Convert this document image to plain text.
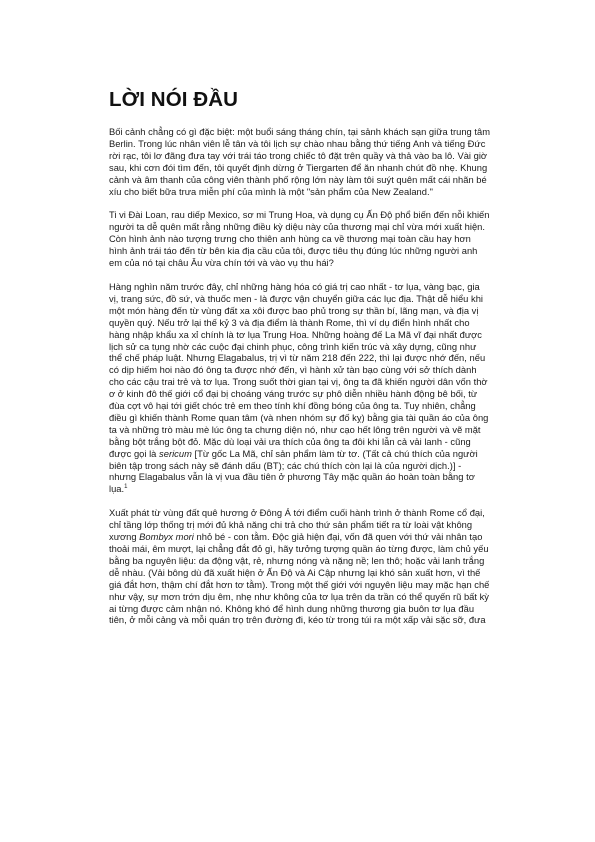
LỜI NÓI ĐẦU

Bối cảnh chẳng có gì đặc biệt: một buổi sáng tháng chín, tại sảnh khách sạn giữa trung tâm Berlin. Trong lúc nhân viên lễ tân và tôi lịch sự chào nhau bằng thứ tiếng Anh và tiếng Đức rời rạc, tôi lơ đãng đưa tay với trái táo trong chiếc tô đặt trên quầy và thả vào ba lô. Vài giờ sau, khi cơn đói tìm đến, tôi quyết định dừng ở Tiergarten để ăn nhanh chút đồ nhẹ. Khung cảnh và âm thanh của công viên thành phố rộng lớn này làm tôi suýt quên mất cái nhãn bé xíu cho biết bữa trưa miễn phí của mình là một "sản phẩm của New Zealand."

Ti vi Đài Loan, rau diếp Mexico, sơ mi Trung Hoa, và dụng cụ Ấn Độ phổ biến đến nỗi khiến người ta dễ quên mất rằng những điều kỳ diệu này của thương mại chỉ vừa mới xuất hiện. Còn hình ảnh nào tượng trưng cho thiên anh hùng ca về thương mại toàn cầu hay hơn hình ảnh trái táo đến từ bên kia địa cầu của tôi, được tiêu thụ đúng lúc những người anh em của nó tại châu Âu vừa chín tới và vào vụ thu hái?

Hàng nghìn năm trước đây, chỉ những hàng hóa có giá trị cao nhất - tơ lụa, vàng bạc, gia vị, trang sức, đồ sứ, và thuốc men - là được vận chuyển giữa các lục địa. Thật dễ hiểu khi một món hàng đến từ vùng đất xa xôi được bao phủ trong sự thần bí, lãng mạn, và địa vị quyền quý. Nếu trở lại thế kỷ 3 và địa điểm là thành Rome, thì ví dụ điển hình nhất cho hàng nhập khẩu xa xỉ chính là tơ lụa Trung Hoa. Những hoàng đế La Mã vĩ đại nhất được lịch sử ca tụng nhờ các cuộc đại chinh phục, công trình kiến trúc và xây dựng, cũng như thể chế pháp luật. Nhưng Elagabalus, trị vì từ năm 218 đến 222, thì lại được nhớ đến, nếu có dịp hiếm hoi nào đó ông ta được nhớ đến, vì hành xử tàn bạo cùng với sở thích dành cho các cậu trai trẻ và tơ lụa. Trong suốt thời gian tại vị, ông ta đã khiến người dân vốn thờ ơ ở kinh đô thế giới cổ đại bị choáng váng trước sự phô diễn nhiều hành động bê bối, từ đùa cợt vô hại tới giết chóc trẻ em theo tính khí đồng bóng của ông ta. Tuy nhiên, chẳng điều gì khiến thành Rome quan tâm (và nhen nhóm sự đố kỵ) bằng gia tài quần áo của ông ta và những trò màu mè lúc ông ta chưng diện nó, như cạo hết lông trên người và vẽ mặt bằng bột trắng bột đỏ. Mặc dù loại vải ưa thích của ông ta đôi khi lẫn cả vải lanh - cũng được gọi là sericum [Từ gốc La Mã, chỉ sản phẩm làm từ tơ. (Tất cả chú thích của người biên tập trong sách này sẽ đánh dấu (BT); các chú thích còn lại là của người dịch.)] - nhưng Elagabalus vẫn là vị vua đầu tiên ở phương Tây mặc quần áo hoàn toàn bằng tơ lụa.$^1$

Xuất phát từ vùng đất quê hương ở Đông Á tới điểm cuối hành trình ở thành Rome cổ đại, chỉ tầng lớp thống trị mới đủ khả năng chi trả cho thứ sản phẩm tiết ra từ loài vật không xương Bombyx mori nhỏ bé - con tằm. Độc giả hiện đại, vốn đã quen với thứ vải nhân tạo thoải mái, êm mượt, lại chẳng đắt đỏ gì, hãy tưởng tượng quần áo từng được, làm chủ yếu bằng ba nguyên liệu: da động vật, rẻ, nhưng nóng và nặng nề; len thô; hoặc vải lanh trắng dễ nhàu. (Vải bông dù đã xuất hiện ở Ấn Độ và Ai Cập nhưng lại khó sản xuất hơn, vì thế giá đắt hơn, thậm chí đắt hơn tơ tằm). Trong một thế giới với nguyên liệu may mặc hạn chế như vậy, sự mơn trớn dịu êm, nhẹ như không của tơ lụa trên da trần có thể quyến rũ bất kỳ ai từng được cảm nhận nó. Không khó để hình dung những thương gia buôn tơ lụa đầu tiên, ở mỗi cảng và mỗi quán trọ trên đường đi, kéo từ trong túi ra một xấp vải sặc sỡ, đưa
